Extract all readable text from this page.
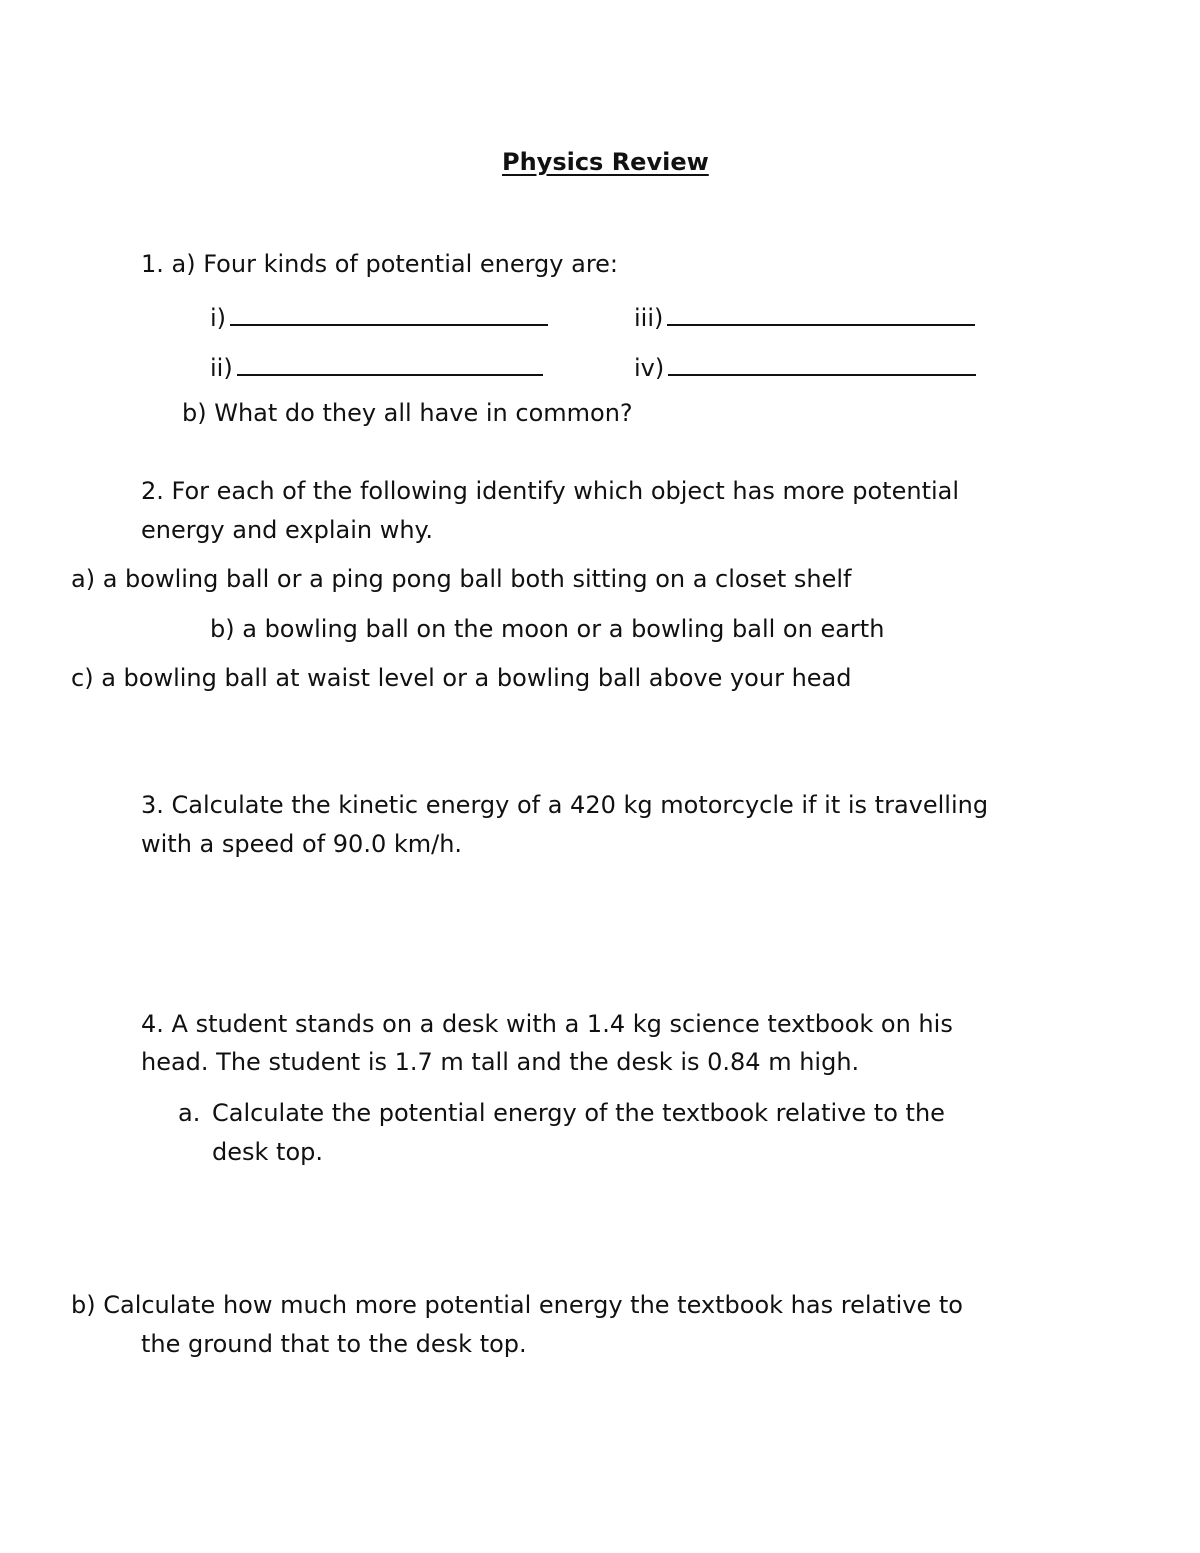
Physics Review
1. a) Four kinds of potential energy are:
i)	iii)
ii)	iv)
b) What do they all have in common?
2. For each of the following identify which object has more potential
energy and explain why.
a) a bowling ball or a ping pong ball both sitting on a closet shelf
b) a bowling ball on the moon or a bowling ball on earth
c) a bowling ball at waist level or a bowling ball above your head
3. Calculate the kinetic energy of a 420 kg motorcycle if it is travelling
with a speed of 90.0 km/h.
4. A student stands on a desk with a 1.4 kg science textbook on his
head. The student is 1.7 m tall and the desk is 0.84 m high.
a. Calculate the potential energy of the textbook relative to the
desk top.
b) Calculate how much more potential energy the textbook has relative to
the ground that to the desk top.
